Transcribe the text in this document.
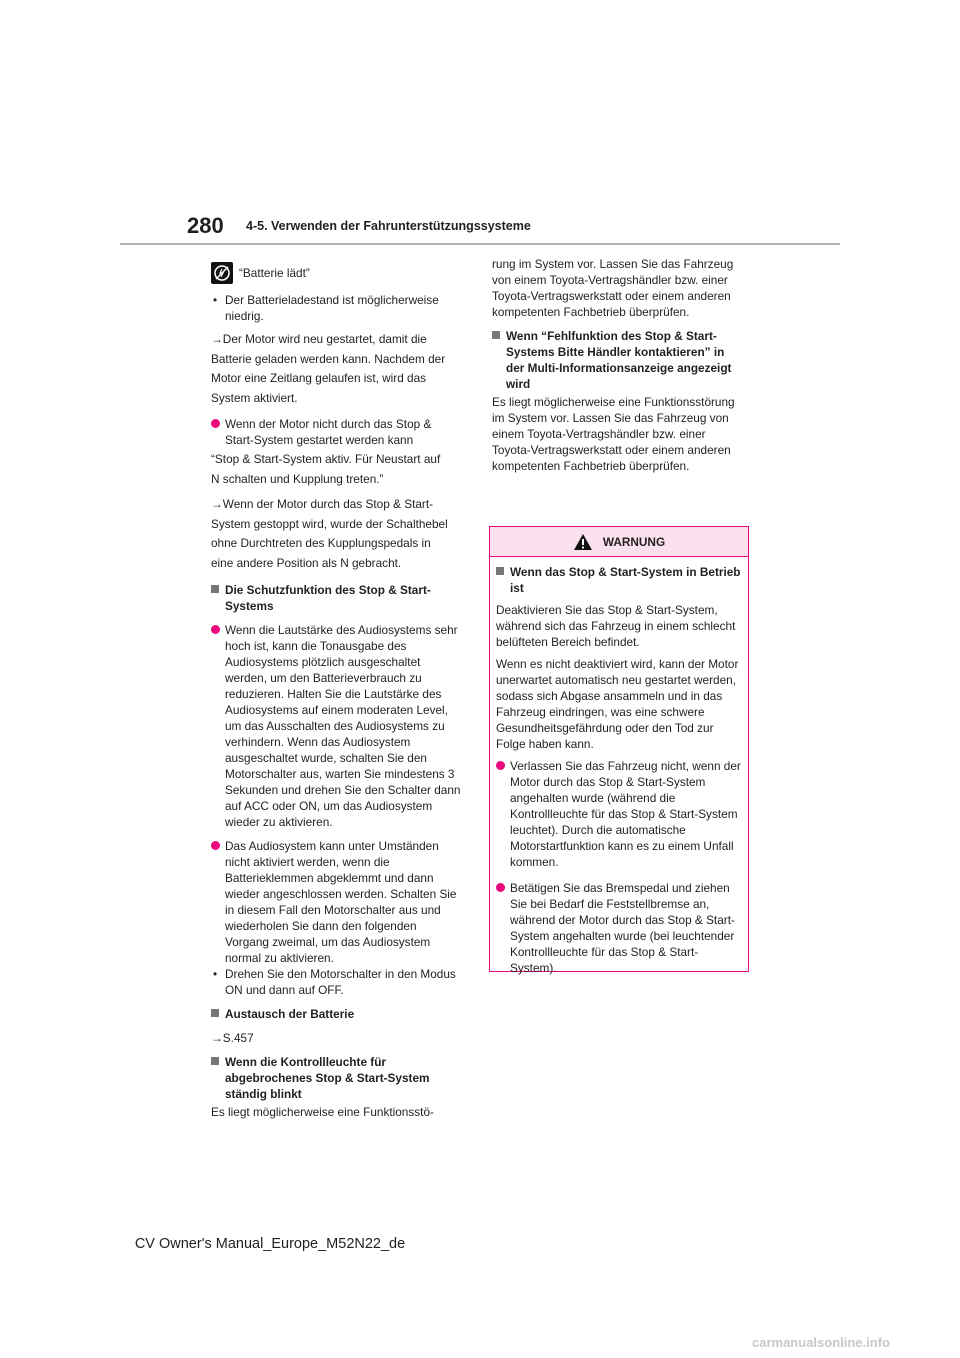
280 4-5. Verwenden der Fahrunterstützungssysteme
“Batterie lädt”

• Der Batterieladestand ist möglicherweise niedrig.

→Der Motor wird neu gestartet, damit die

Batterie geladen werden kann. Nachdem der

Motor eine Zeitlang gelaufen ist, wird das

System aktiviert.

Wenn der Motor nicht durch das Stop & Start-System gestartet werden kann

“Stop & Start-System aktiv. Für Neustart auf

N schalten und Kupplung treten.”

→Wenn der Motor durch das Stop & Start-

System gestoppt wird, wurde der Schalthebel

ohne Durchtreten des Kupplungspedals in

eine andere Position als N gebracht.

Die Schutzfunktion des Stop & Start-Systems

Wenn die Lautstärke des Audiosystems sehr hoch ist, kann die Tonausgabe des Audiosystems plötzlich ausgeschaltet werden, um den Batterieverbrauch zu reduzieren. Halten Sie die Lautstärke des Audiosystems auf einem moderaten Level, um das Ausschalten des Audiosystems zu verhindern. Wenn das Audiosystem ausgeschaltet wurde, schalten Sie den Motorschalter aus, warten Sie mindestens 3 Sekunden und drehen Sie den Schalter dann auf ACC oder ON, um das Audiosystem wieder zu aktivieren.

Das Audiosystem kann unter Umständen nicht aktiviert werden, wenn die Batterieklemmen abgeklemmt und dann wieder angeschlossen werden. Schalten Sie in diesem Fall den Motorschalter aus und wiederholen Sie dann den folgenden Vorgang zweimal, um das Audiosystem normal zu aktivieren.

• Drehen Sie den Motorschalter in den Modus ON und dann auf OFF.

Austausch der Batterie

→S.457

Wenn die Kontrollleuchte für abgebrochenes Stop & Start-System ständig blinkt

Es liegt möglicherweise eine Funktionsstö-

rung im System vor. Lassen Sie das Fahrzeug von einem Toyota-Vertragshändler bzw. einer Toyota-Vertragswerkstatt oder einem anderen kompetenten Fachbetrieb überprüfen.

Wenn “Fehlfunktion des Stop & Start-Systems Bitte Händler kontaktieren” in der Multi-Informationsanzeige angezeigt wird

Es liegt möglicherweise eine Funktionsstörung im System vor. Lassen Sie das Fahrzeug von einem Toyota-Vertragshändler bzw. einer Toyota-Vertragswerkstatt oder einem anderen kompetenten Fachbetrieb überprüfen.

WARNUNG

Wenn das Stop & Start-System in Betrieb ist

Deaktivieren Sie das Stop & Start-System, während sich das Fahrzeug in einem schlecht belüfteten Bereich befindet.

Wenn es nicht deaktiviert wird, kann der Motor unerwartet automatisch neu gestartet werden, sodass sich Abgase ansammeln und in das Fahrzeug eindringen, was eine schwere Gesundheitsgefährdung oder den Tod zur Folge haben kann.

Verlassen Sie das Fahrzeug nicht, wenn der Motor durch das Stop & Start-System angehalten wurde (während die Kontrollleuchte für das Stop & Start-System leuchtet). Durch die automatische Motorstartfunktion kann es zu einem Unfall kommen.

Betätigen Sie das Bremspedal und ziehen Sie bei Bedarf die Feststellbremse an, während der Motor durch das Stop & Start-System angehalten wurde (bei leuchtender Kontrollleuchte für das Stop & Start-System).

CV Owner's Manual_Europe_M52N22_de
carmanualsonline.info
